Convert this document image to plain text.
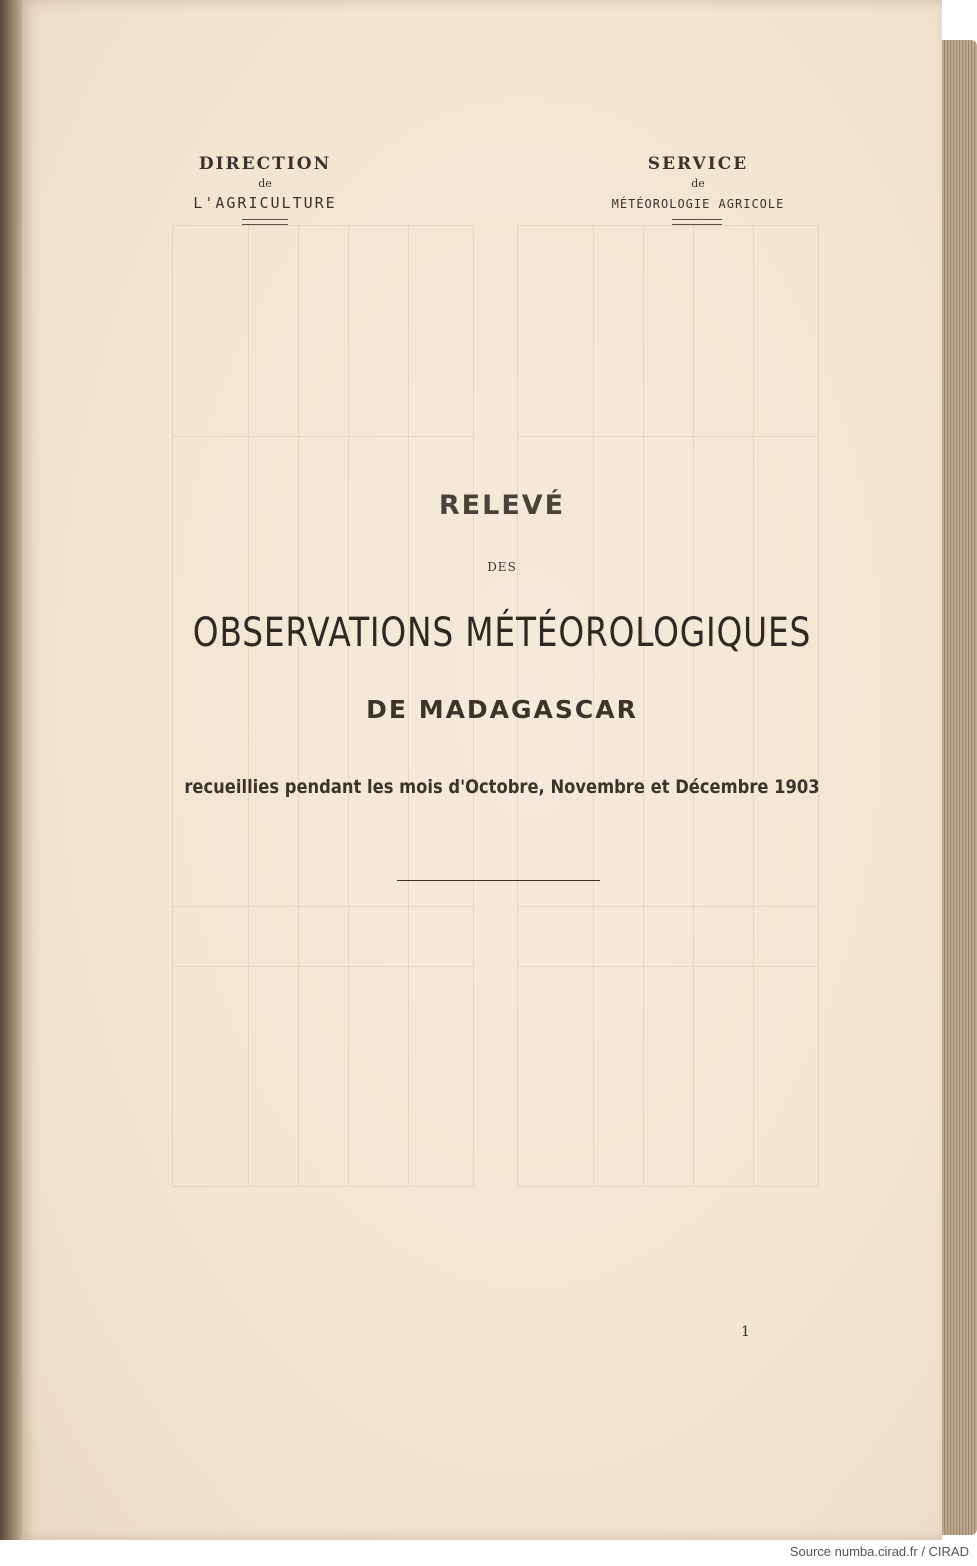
DIRECTION
de
L'AGRICULTURE
SERVICE
de
MÉTÉOROLOGIE AGRICOLE
RELEVÉ
DES
OBSERVATIONS MÉTÉOROLOGIQUES
DE MADAGASCAR
recueillies pendant les mois d'Octobre, Novembre et Décembre 1903
1
Source numba.cirad.fr / CIRAD
